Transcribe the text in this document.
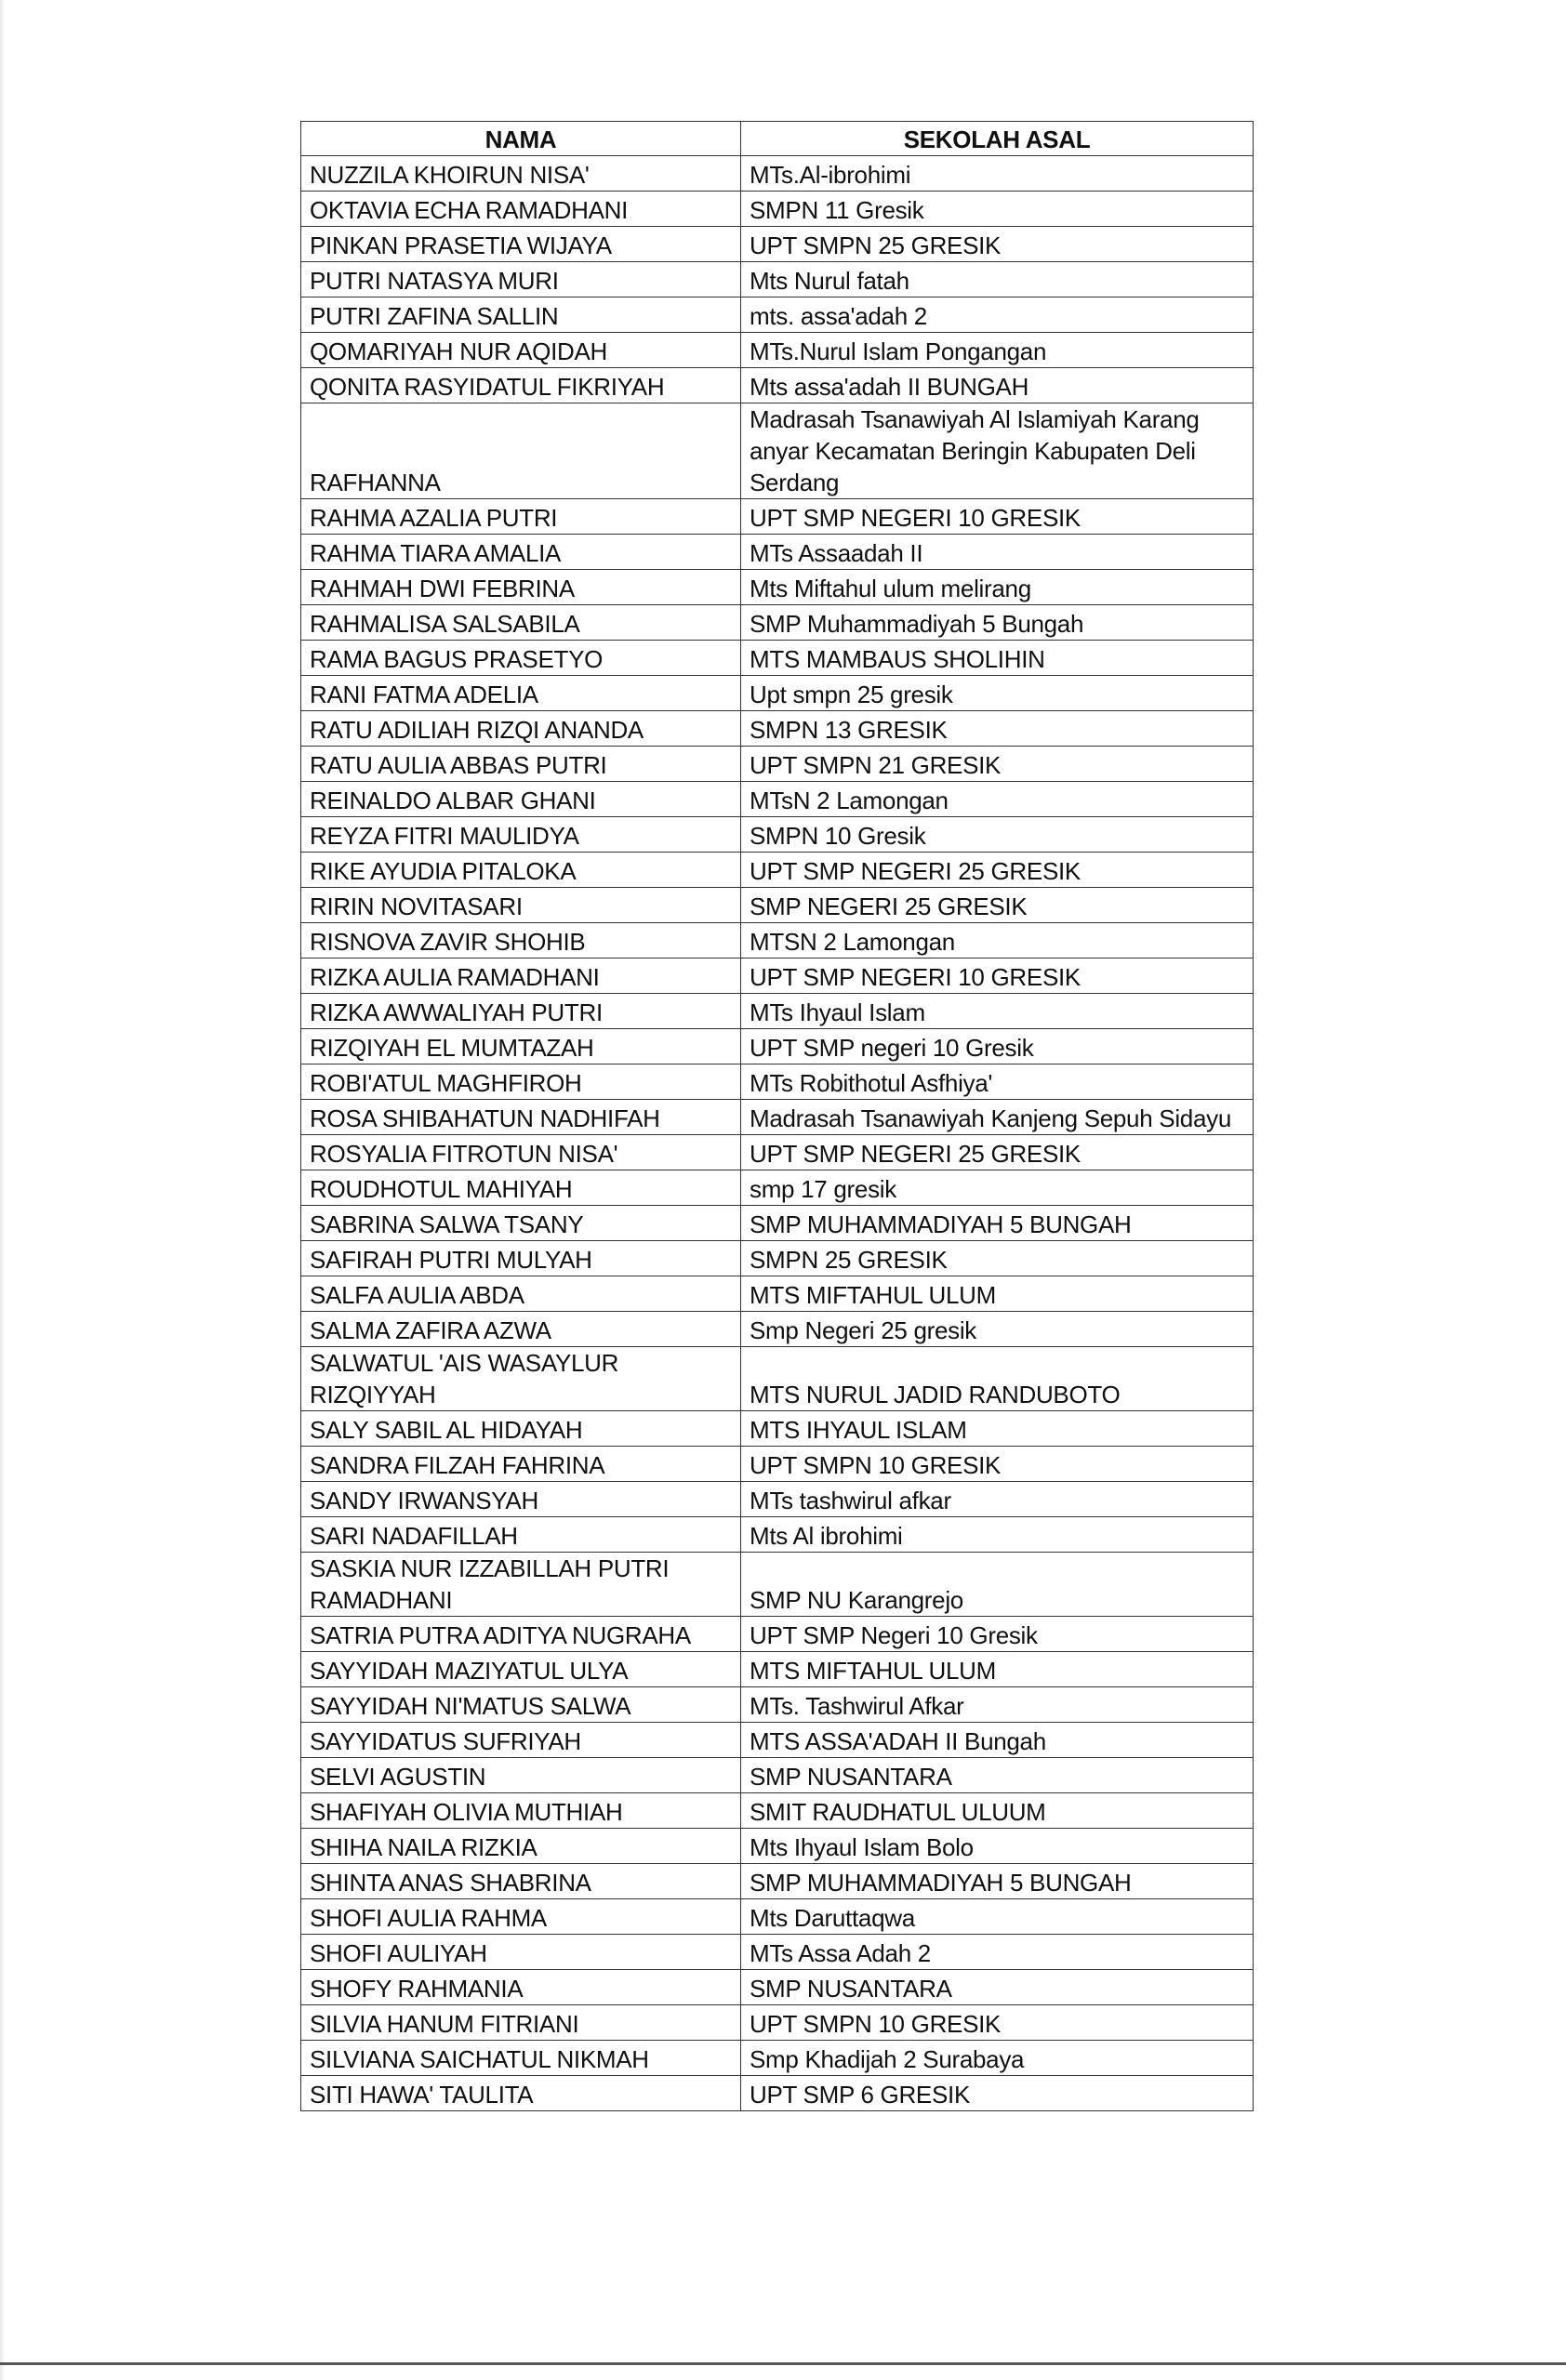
NAMA	SEKOLAH ASAL
NUZZILA KHOIRUN NISA'	MTs.Al-ibrohimi
OKTAVIA ECHA RAMADHANI	SMPN 11 Gresik
PINKAN PRASETIA WIJAYA	UPT SMPN 25 GRESIK
PUTRI NATASYA MURI	Mts Nurul fatah
PUTRI ZAFINA SALLIN	mts. assa'adah 2
QOMARIYAH NUR AQIDAH	MTs.Nurul Islam Pongangan
QONITA RASYIDATUL FIKRIYAH	Mts assa'adah II BUNGAH
RAFHANNA	Madrasah Tsanawiyah Al Islamiyah Karang anyar Kecamatan Beringin Kabupaten Deli Serdang
RAHMA AZALIA PUTRI	UPT SMP NEGERI 10 GRESIK
RAHMA TIARA AMALIA	MTs Assaadah II
RAHMAH DWI FEBRINA	Mts Miftahul ulum melirang
RAHMALISA SALSABILA	SMP Muhammadiyah 5 Bungah
RAMA BAGUS PRASETYO	MTS MAMBAUS SHOLIHIN
RANI FATMA ADELIA	Upt smpn 25 gresik
RATU ADILIAH RIZQI ANANDA	SMPN 13 GRESIK
RATU AULIA ABBAS PUTRI	UPT SMPN 21 GRESIK
REINALDO ALBAR GHANI	MTsN 2 Lamongan
REYZA FITRI MAULIDYA	SMPN 10 Gresik
RIKE AYUDIA PITALOKA	UPT SMP NEGERI 25 GRESIK
RIRIN NOVITASARI	SMP NEGERI 25 GRESIK
RISNOVA ZAVIR SHOHIB	MTSN 2 Lamongan
RIZKA AULIA RAMADHANI	UPT SMP NEGERI 10 GRESIK
RIZKA AWWALIYAH PUTRI	MTs Ihyaul Islam
RIZQIYAH EL MUMTAZAH	UPT SMP negeri 10 Gresik
ROBI'ATUL MAGHFIROH	MTs Robithotul Asfhiya'
ROSA SHIBAHATUN NADHIFAH	Madrasah Tsanawiyah Kanjeng Sepuh Sidayu
ROSYALIA FITROTUN NISA'	UPT SMP NEGERI 25 GRESIK
ROUDHOTUL MAHIYAH	smp 17 gresik
SABRINA SALWA TSANY	SMP MUHAMMADIYAH 5 BUNGAH
SAFIRAH PUTRI MULYAH	SMPN 25 GRESIK
SALFA AULIA ABDA	MTS MIFTAHUL ULUM
SALMA ZAFIRA AZWA	Smp Negeri 25 gresik
SALWATUL 'AIS WASAYLUR RIZQIYYAH	MTS NURUL JADID RANDUBOTO
SALY SABIL AL HIDAYAH	MTS IHYAUL ISLAM
SANDRA FILZAH FAHRINA	UPT SMPN 10 GRESIK
SANDY IRWANSYAH	MTs tashwirul afkar
SARI NADAFILLAH	Mts Al ibrohimi
SASKIA NUR IZZABILLAH PUTRI RAMADHANI	SMP NU Karangrejo
SATRIA PUTRA ADITYA NUGRAHA	UPT SMP Negeri 10 Gresik
SAYYIDAH MAZIYATUL ULYA	MTS MIFTAHUL ULUM
SAYYIDAH NI'MATUS SALWA	MTs. Tashwirul Afkar
SAYYIDATUS SUFRIYAH	MTS ASSA'ADAH II Bungah
SELVI AGUSTIN	SMP NUSANTARA
SHAFIYAH OLIVIA MUTHIAH	SMIT RAUDHATUL ULUUM
SHIHA NAILA RIZKIA	Mts Ihyaul Islam Bolo
SHINTA ANAS SHABRINA	SMP MUHAMMADIYAH 5 BUNGAH
SHOFI AULIA RAHMA	Mts Daruttaqwa
SHOFI AULIYAH	MTs Assa Adah 2
SHOFY RAHMANIA	SMP NUSANTARA
SILVIA HANUM FITRIANI	UPT SMPN 10 GRESIK
SILVIANA SAICHATUL NIKMAH	Smp Khadijah 2 Surabaya
SITI HAWA' TAULITA	UPT SMP 6 GRESIK
